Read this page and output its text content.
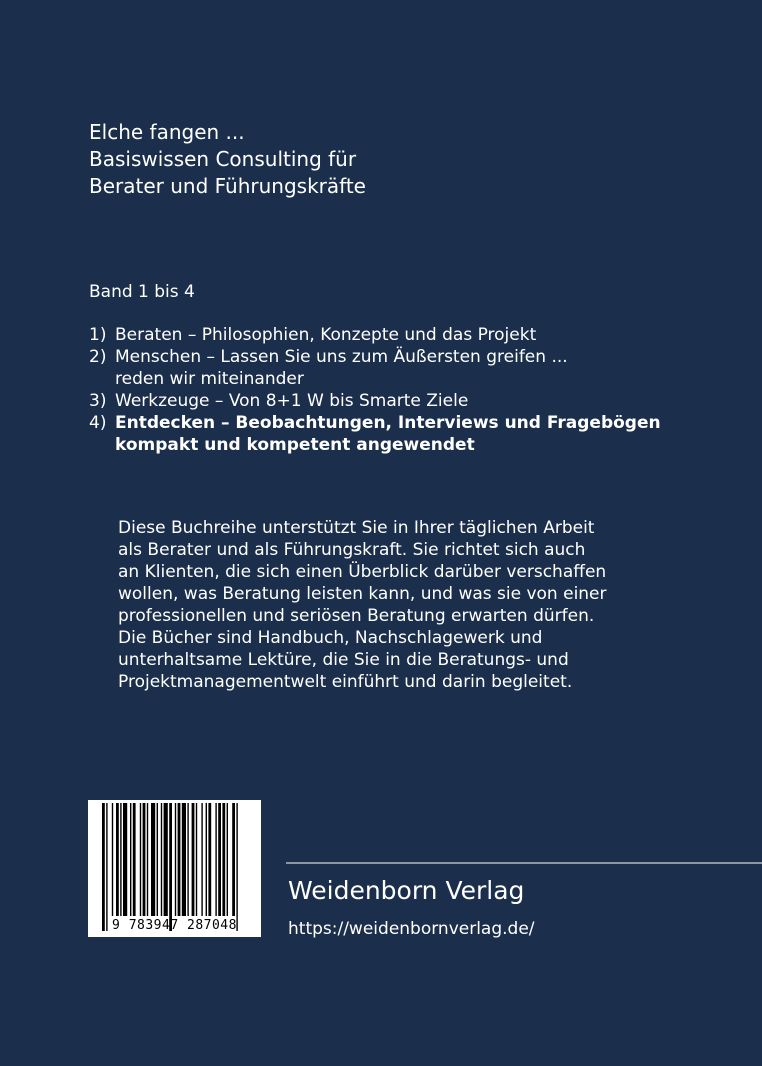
Elche fangen ...
Basiswissen Consulting für
Berater und Führungskräfte
Band 1 bis 4
1) Beraten – Philosophien, Konzepte und das Projekt
2) Menschen – Lassen Sie uns zum Äußersten greifen ...
reden wir miteinander
3) Werkzeuge – Von 8+1 W bis Smarte Ziele
4) Entdecken – Beobachtungen, Interviews und Fragebögen
kompakt und kompetent angewendet
Diese Buchreihe unterstützt Sie in Ihrer täglichen Arbeit
als Berater und als Führungskraft. Sie richtet sich auch
an Klienten, die sich einen Überblick darüber verschaffen
wollen, was Beratung leisten kann, und was sie von einer
professionellen und seriösen Beratung erwarten dürfen.
Die Bücher sind Handbuch, Nachschlagewerk und
unterhaltsame Lektüre, die Sie in die Beratungs- und
Projektmanagementwelt einführt und darin begleitet.
9 783947 287048
Weidenborn Verlag
https://weidenbornverlag.de/
